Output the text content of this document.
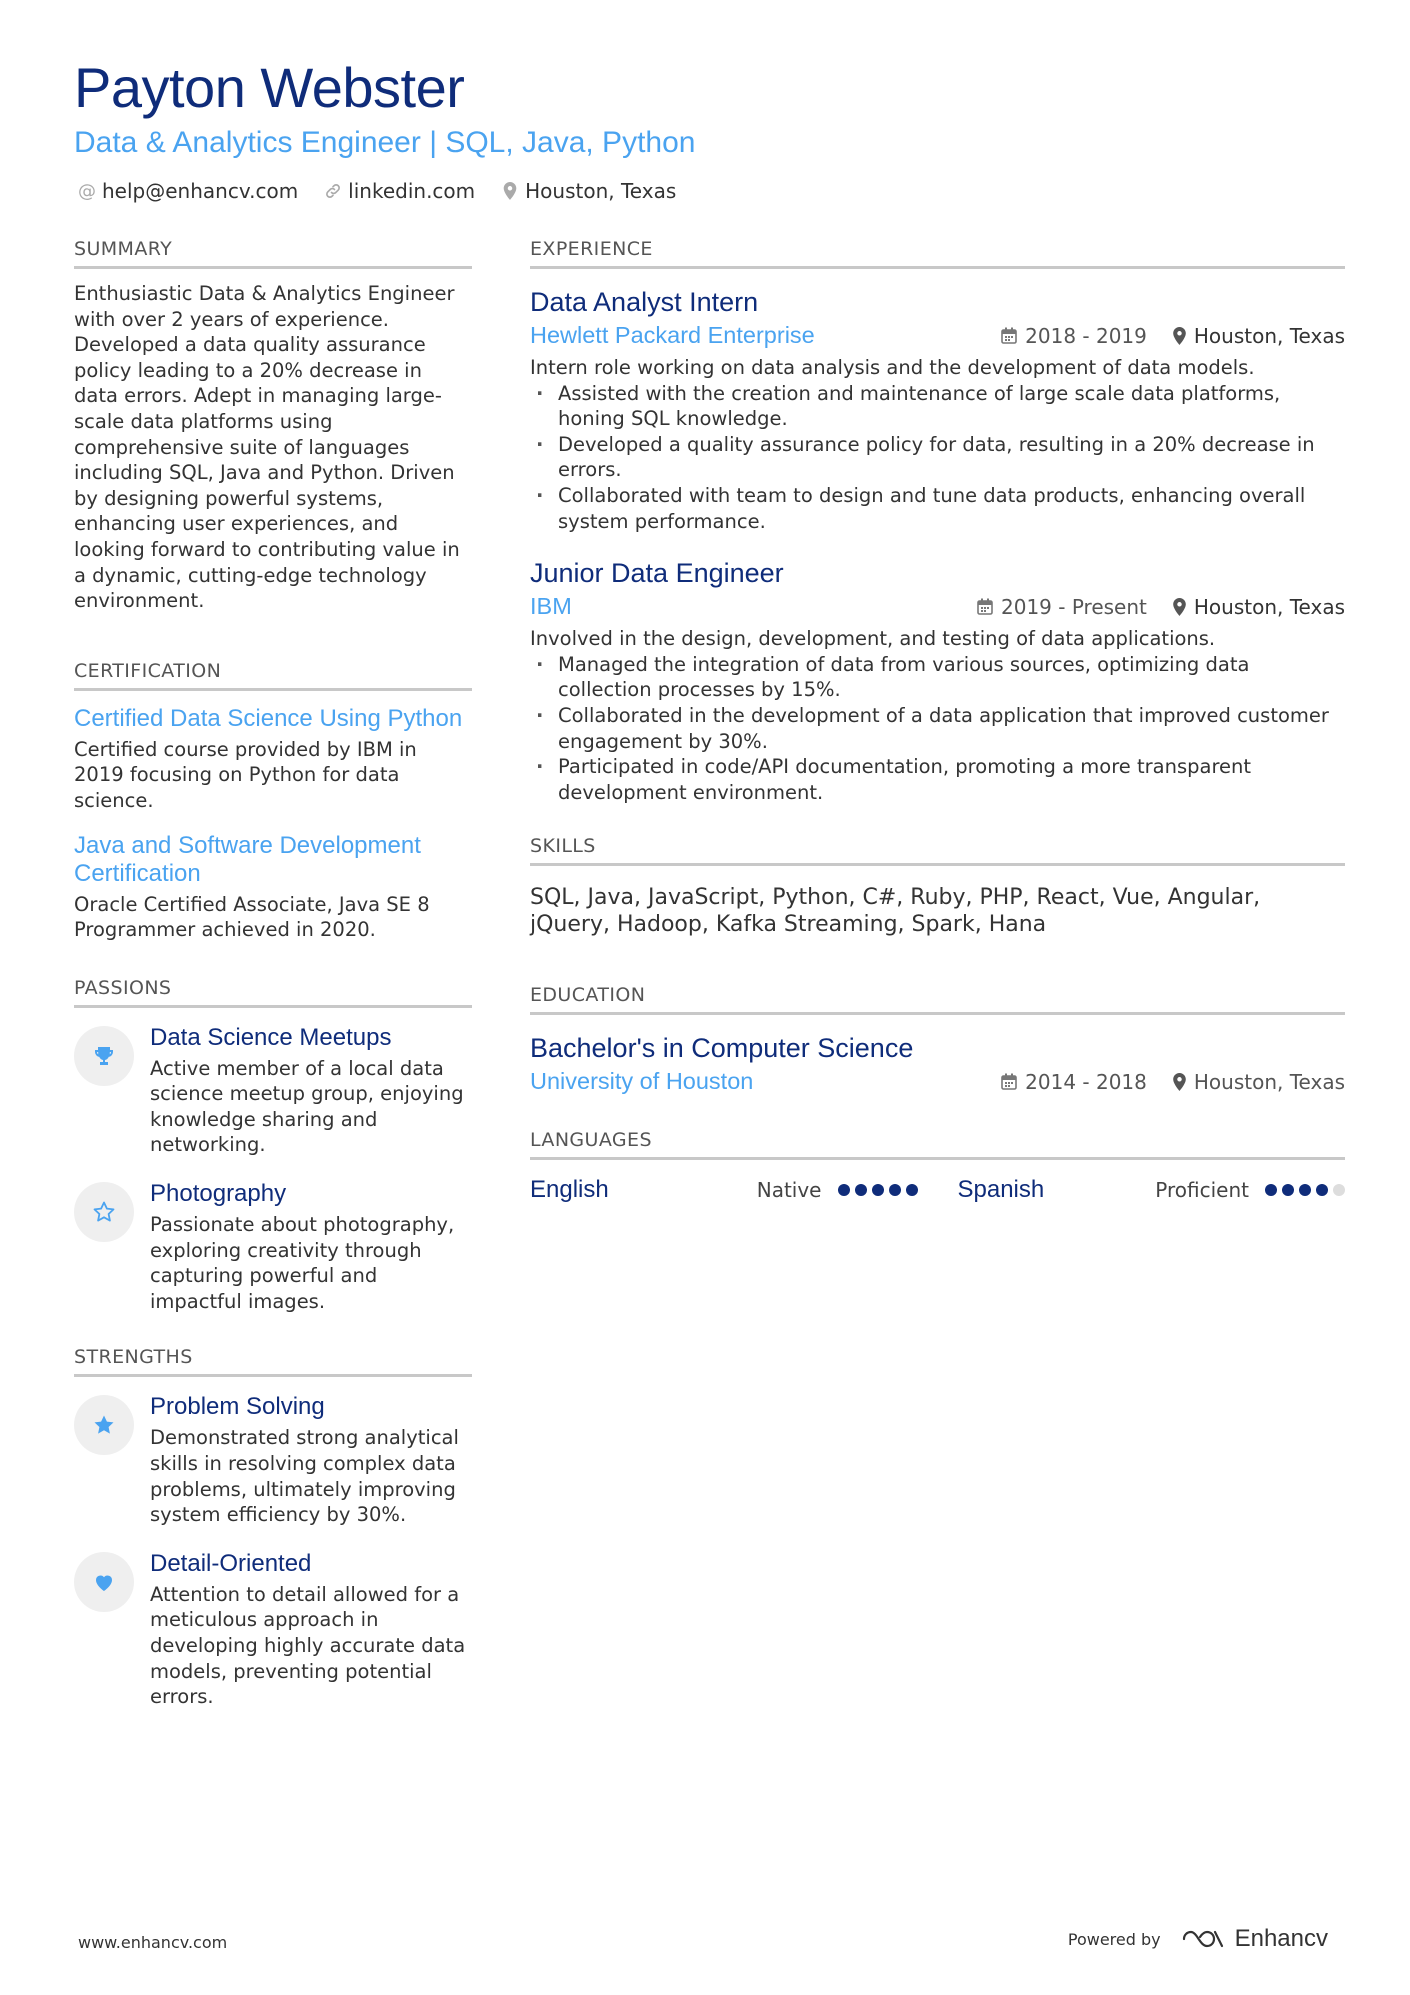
Payton Webster
Data & Analytics Engineer | SQL, Java, Python
@ help@enhancv.com	linkedin.com	Houston, Texas
SUMMARY

Enthusiastic Data & Analytics Engineer with over 2 years of experience. Developed a data quality assurance policy leading to a 20% decrease in data errors. Adept in managing large-scale data platforms using comprehensive suite of languages including SQL, Java and Python. Driven by designing powerful systems, enhancing user experiences, and looking forward to contributing value in a dynamic, cutting-edge technology environment.

CERTIFICATION
Certified Data Science Using Python

Certified course provided by IBM in 2019 focusing on Python for data science.

Java and Software Development Certification

Oracle Certified Associate, Java SE 8 Programmer achieved in 2020.

PASSIONS
Data Science Meetups

Active member of a local data science meetup group, enjoying knowledge sharing and networking.

Photography

Passionate about photography, exploring creativity through capturing powerful and impactful images.

STRENGTHS
Problem Solving

Demonstrated strong analytical skills in resolving complex data problems, ultimately improving system efficiency by 30%.

Detail-Oriented

Attention to detail allowed for a meticulous approach in developing highly accurate data models, preventing potential errors.

EXPERIENCE
Data Analyst Intern
Hewlett Packard Enterprise	2018 - 2019 Houston, Texas
Intern role working on data analysis and the development of data models.
· Assisted with the creation and maintenance of large scale data platforms, honing SQL knowledge.
· Developed a quality assurance policy for data, resulting in a 20% decrease in errors.
· Collaborated with team to design and tune data products, enhancing overall system performance.
Junior Data Engineer
IBM	2019 - Present Houston, Texas
Involved in the design, development, and testing of data applications.
· Managed the integration of data from various sources, optimizing data collection processes by 15%.
· Collaborated in the development of a data application that improved customer engagement by 30%.
· Participated in code/API documentation, promoting a more transparent development environment.
SKILLS

SQL, Java, JavaScript, Python, C#, Ruby, PHP, React, Vue, Angular, jQuery, Hadoop, Kafka Streaming, Spark, Hana

EDUCATION
Bachelor's in Computer Science
University of Houston	2014 - 2018 Houston, Texas
LANGUAGES
English	Native	Spanish	Proficient
www.enhancv.com	Powered by	Enhancv
